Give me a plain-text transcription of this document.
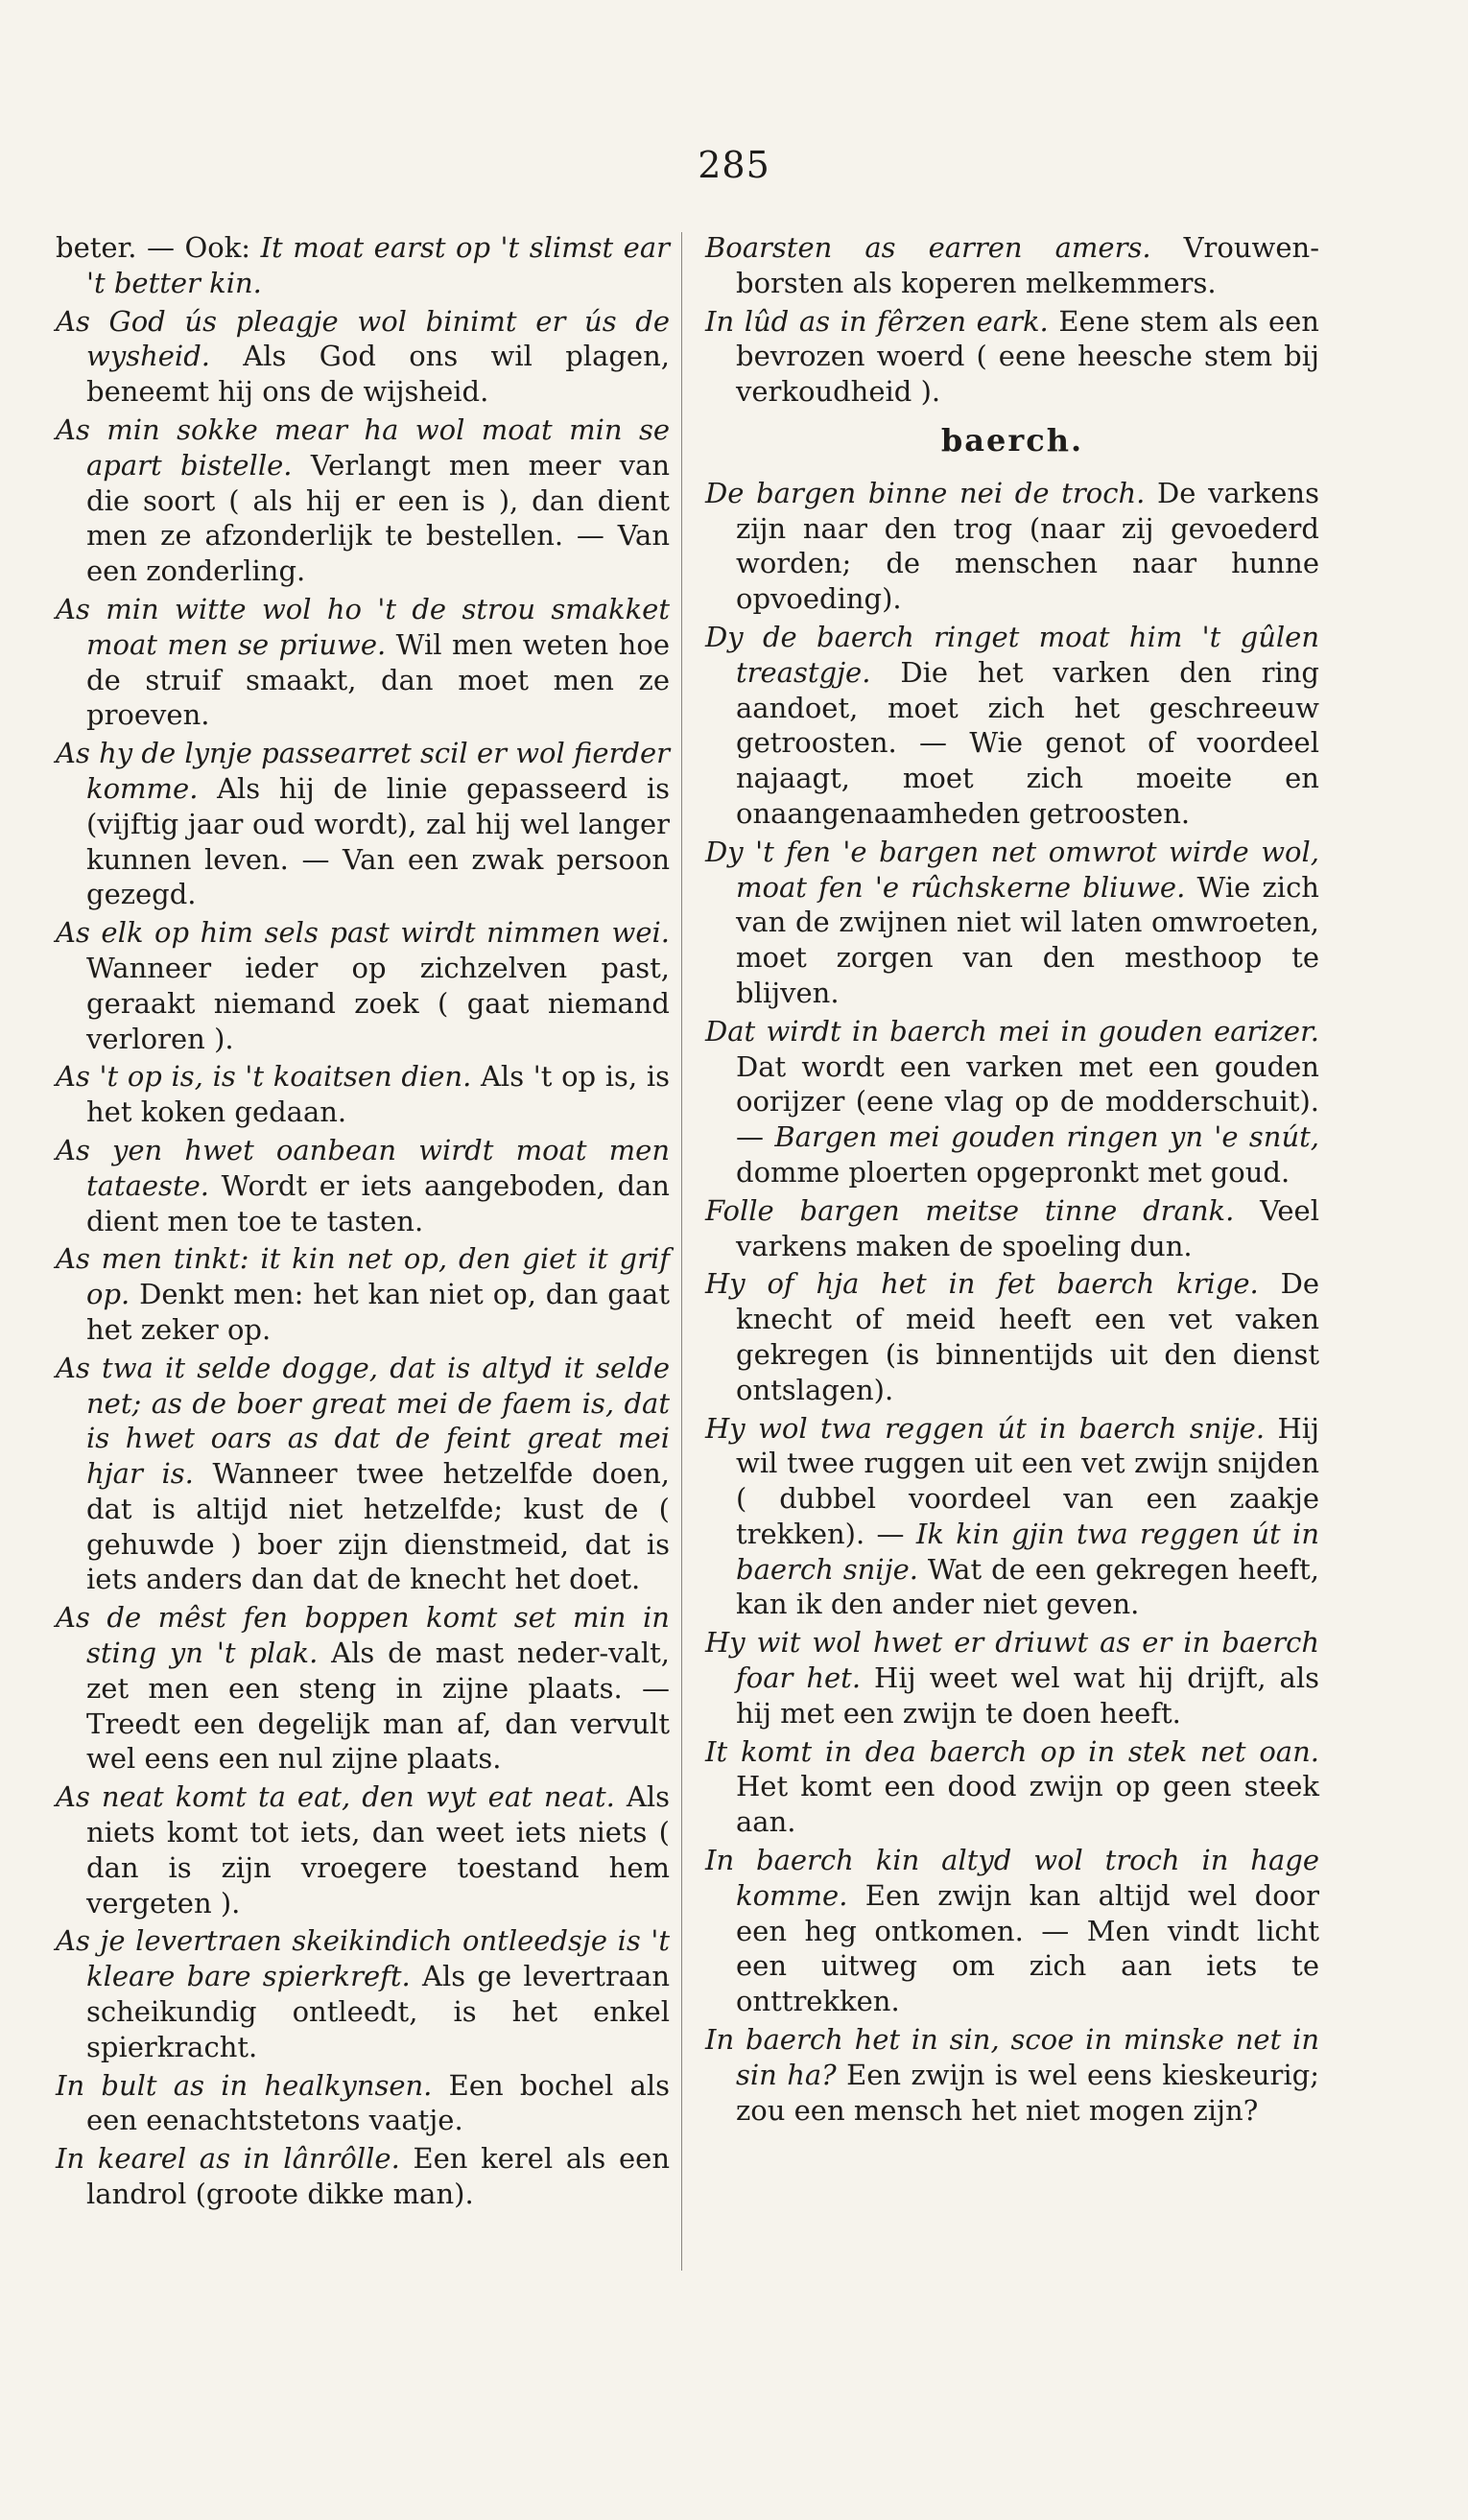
285

beter. — Ook: It moat earst op 't slimst ear 't better kin.

As God ús pleagje wol binimt er ús de wysheid. Als God ons wil plagen, beneemt hij ons de wijsheid.

As min sokke mear ha wol moat min se apart bistelle. Verlangt men meer van die soort ( als hij er een is ), dan dient men ze afzonderlijk te bestellen. — Van een zonderling.

As min witte wol ho 't de strou smakket moat men se priuwe. Wil men weten hoe de struif smaakt, dan moet men ze proeven.

As hy de lynje passearret scil er wol fierder komme. Als hij de linie gepasseerd is (vijftig jaar oud wordt), zal hij wel langer kunnen leven. — Van een zwak persoon gezegd.

As elk op him sels past wirdt nimmen wei. Wanneer ieder op zichzelven past, geraakt niemand zoek ( gaat niemand verloren ).

As 't op is, is 't koaitsen dien. Als 't op is, is het koken gedaan.

As yen hwet oanbean wirdt moat men tataeste. Wordt er iets aangeboden, dan dient men toe te tasten.

As men tinkt: it kin net op, den giet it grif op. Denkt men: het kan niet op, dan gaat het zeker op.

As twa it selde dogge, dat is altyd it selde net; as de boer great mei de faem is, dat is hwet oars as dat de feint great mei hjar is. Wanneer twee hetzelfde doen, dat is altijd niet hetzelfde; kust de ( gehuwde ) boer zijn dienstmeid, dat is iets anders dan dat de knecht het doet.

As de mêst fen boppen komt set min in sting yn 't plak. Als de mast neder-valt, zet men een steng in zijne plaats. — Treedt een degelijk man af, dan vervult wel eens een nul zijne plaats.

As neat komt ta eat, den wyt eat neat. Als niets komt tot iets, dan weet iets niets ( dan is zijn vroegere toestand hem vergeten ).

As je levertraen skeikindich ontleedsje is 't kleare bare spierkreft. Als ge levertraan scheikundig ontleedt, is het enkel spierkracht.

In bult as in healkynsen. Een bochel als een eenachtstetons vaatje.

In kearel as in lânrôlle. Een kerel als een landrol (groote dikke man).

Boarsten as earren amers. Vrouwen-borsten als koperen melkemmers.

In lûd as in fêrzen eark. Eene stem als een bevrozen woerd ( eene heesche stem bij verkoudheid ).

baerch.

De bargen binne nei de troch. De varkens zijn naar den trog (naar zij gevoederd worden; de menschen naar hunne opvoeding).

Dy de baerch ringet moat him 't gûlen treastgje. Die het varken den ring aandoet, moet zich het geschreeuw getroosten. — Wie genot of voordeel najaagt, moet zich moeite en onaangenaamheden getroosten.

Dy 't fen 'e bargen net omwrot wirde wol, moat fen 'e rûchskerne bliuwe. Wie zich van de zwijnen niet wil laten omwroeten, moet zorgen van den mesthoop te blijven.

Dat wirdt in baerch mei in gouden earizer. Dat wordt een varken met een gouden oorijzer (eene vlag op de modderschuit). — Bargen mei gouden ringen yn 'e snút, domme ploerten opgepronkt met goud.

Folle bargen meitse tinne drank. Veel varkens maken de spoeling dun.

Hy of hja het in fet baerch krige. De knecht of meid heeft een vet vaken gekregen (is binnentijds uit den dienst ontslagen).

Hy wol twa reggen út in baerch snije. Hij wil twee ruggen uit een vet zwijn snijden ( dubbel voordeel van een zaakje trekken). — Ik kin gjin twa reggen út in baerch snije. Wat de een gekregen heeft, kan ik den ander niet geven.

Hy wit wol hwet er driuwt as er in baerch foar het. Hij weet wel wat hij drijft, als hij met een zwijn te doen heeft.

It komt in dea baerch op in stek net oan. Het komt een dood zwijn op geen steek aan.

In baerch kin altyd wol troch in hage komme. Een zwijn kan altijd wel door een heg ontkomen. — Men vindt licht een uitweg om zich aan iets te onttrekken.

In baerch het in sin, scoe in minske net in sin ha? Een zwijn is wel eens kieskeurig; zou een mensch het niet mogen zijn?
